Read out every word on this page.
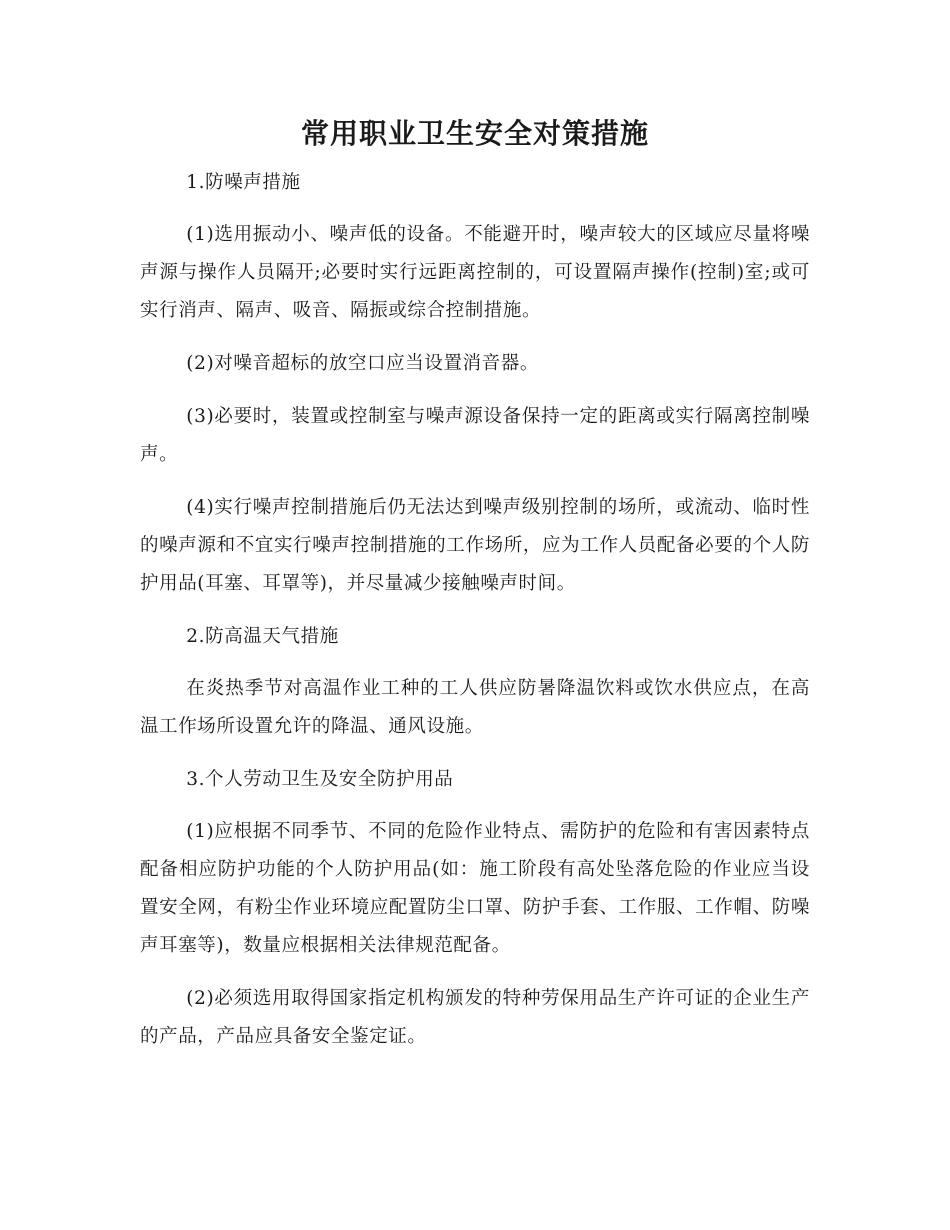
常用职业卫生安全对策措施

1.防噪声措施

(1)选用振动小、噪声低的设备。不能避开时，噪声较大的区域应尽量将噪声源与操作人员隔开;必要时实行远距离控制的，可设置隔声操作(控制)室;或可实行消声、隔声、吸音、隔振或综合控制措施。

(2)对噪音超标的放空口应当设置消音器。

(3)必要时，装置或控制室与噪声源设备保持一定的距离或实行隔离控制噪声。

(4)实行噪声控制措施后仍无法达到噪声级别控制的场所，或流动、临时性的噪声源和不宜实行噪声控制措施的工作场所，应为工作人员配备必要的个人防护用品(耳塞、耳罩等)，并尽量减少接触噪声时间。

2.防高温天气措施

在炎热季节对高温作业工种的工人供应防暑降温饮料或饮水供应点，在高温工作场所设置允许的降温、通风设施。

3.个人劳动卫生及安全防护用品

(1)应根据不同季节、不同的危险作业特点、需防护的危险和有害因素特点配备相应防护功能的个人防护用品(如：施工阶段有高处坠落危险的作业应当设置安全网，有粉尘作业环境应配置防尘口罩、防护手套、工作服、工作帽、防噪声耳塞等)，数量应根据相关法律规范配备。

(2)必须选用取得国家指定机构颁发的特种劳保用品生产许可证的企业生产的产品，产品应具备安全鉴定证。
